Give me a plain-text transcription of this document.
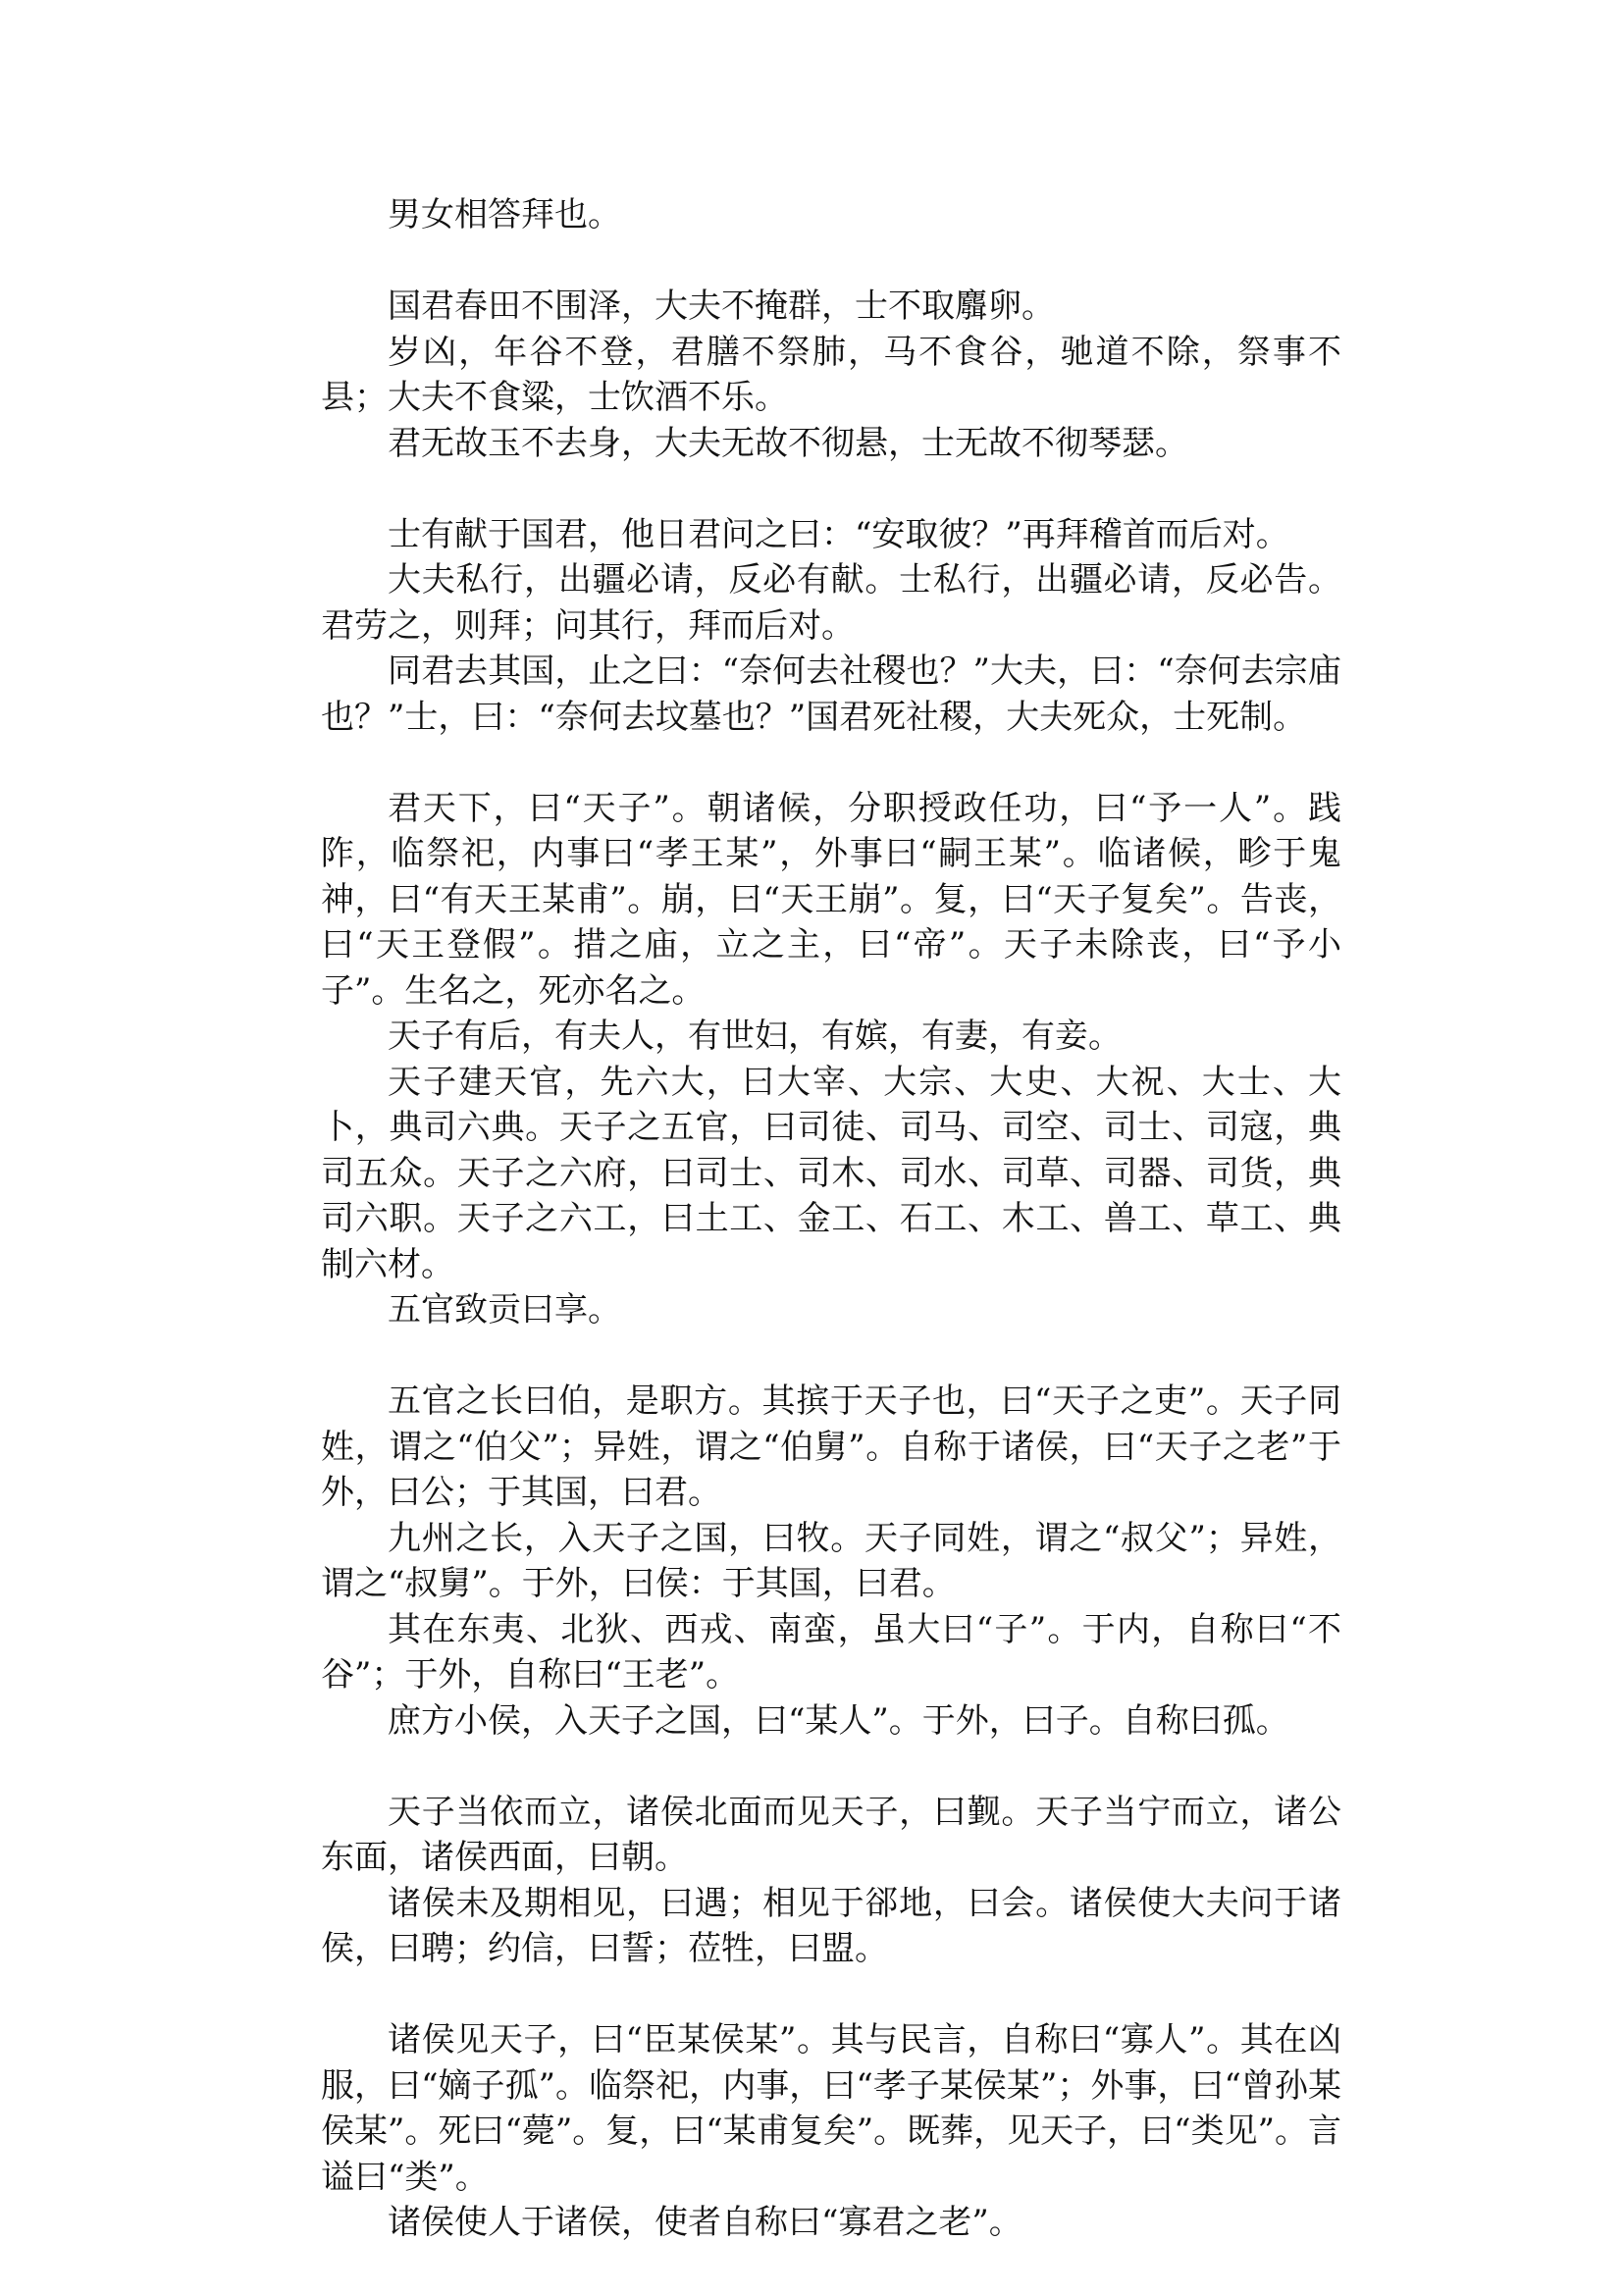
男女相答拜也。

国君春田不围泽，大夫不掩群，士不取麛卵。

岁凶，年谷不登，君膳不祭肺，马不食谷，驰道不除，祭事不县；大夫不食粱，士饮酒不乐。

君无故玉不去身，大夫无故不彻悬，士无故不彻琴瑟。

士有献于国君，他日君问之曰：“安取彼？”再拜稽首而后对。

大夫私行，出疆必请，反必有献。士私行，出疆必请，反必告。君劳之，则拜；问其行，拜而后对。

同君去其国，止之曰：“奈何去社稷也？”大夫，曰：“奈何去宗庙也？”士，曰：“奈何去坟墓也？”国君死社稷，大夫死众，士死制。

君天下，曰“天子”。朝诸候，分职授政任功，曰“予一人”。践阼，临祭祀，内事曰“孝王某”，外事曰“嗣王某”。临诸候，畛于鬼神，曰“有天王某甫”。崩，曰“天王崩”。复，曰“天子复矣”。告丧，曰“天王登假”。措之庙，立之主，曰“帝”。天子未除丧，曰“予小子”。生名之，死亦名之。

天子有后，有夫人，有世妇，有嫔，有妻，有妾。

天子建天官，先六大，曰大宰、大宗、大史、大祝、大士、大卜，典司六典。天子之五官，曰司徒、司马、司空、司士、司寇，典司五众。天子之六府，曰司士、司木、司水、司草、司器、司货，典司六职。天子之六工，曰土工、金工、石工、木工、兽工、草工、典制六材。

五官致贡曰享。

五官之长曰伯，是职方。其摈于天子也，曰“天子之吏”。天子同姓，谓之“伯父”；异姓，谓之“伯舅”。自称于诸侯，曰“天子之老”于外，曰公；于其国，曰君。

九州之长，入天子之国，曰牧。天子同姓，谓之“叔父”；异姓，谓之“叔舅”。于外，曰侯：于其国，曰君。

其在东夷、北狄、西戎、南蛮，虽大曰“子”。于内，自称曰“不谷”；于外，自称曰“王老”。

庶方小侯，入天子之国，曰“某人”。于外，曰子。自称曰孤。

天子当依而立，诸侯北面而见天子，曰觐。天子当宁而立，诸公东面，诸侯西面，曰朝。

诸侯未及期相见，曰遇；相见于郤地，曰会。诸侯使大夫问于诸侯，曰聘；约信，曰誓；莅牲，曰盟。

诸侯见天子，曰“臣某侯某”。其与民言，自称曰“寡人”。其在凶服，曰“嫡子孤”。临祭祀，内事，曰“孝子某侯某”；外事，曰“曾孙某侯某”。死曰“薨”。复，曰“某甫复矣”。既葬，见天子，曰“类见”。言谥曰“类”。

诸侯使人于诸侯，使者自称曰“寡君之老”。
